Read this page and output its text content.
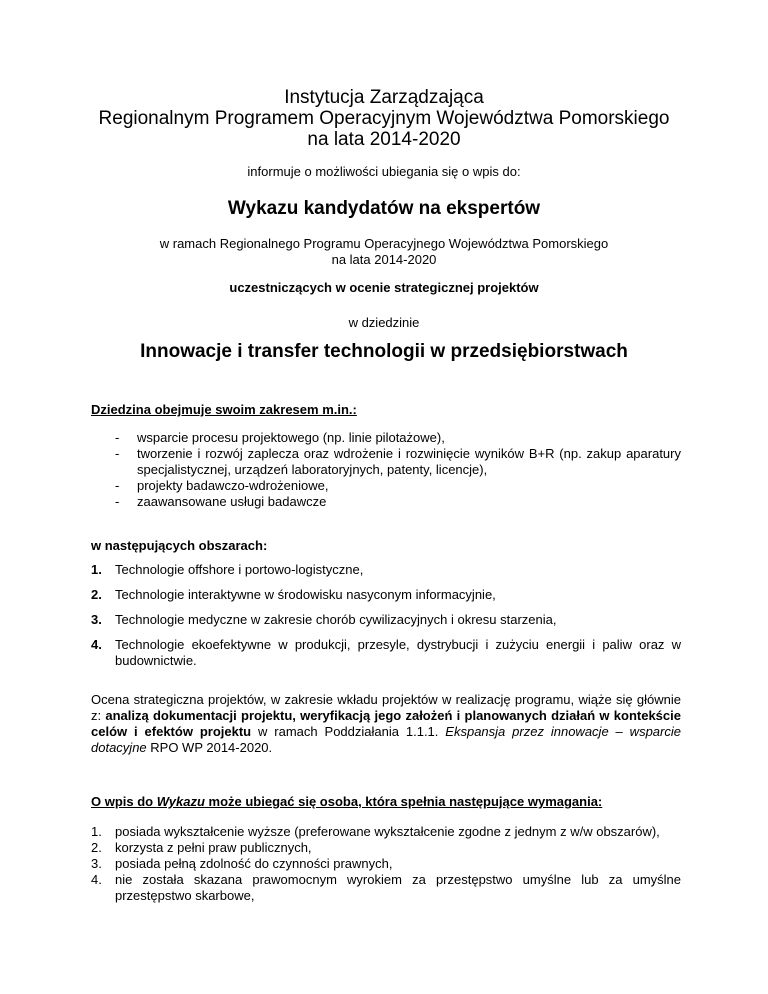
Instytucja Zarządzająca
Regionalnym Programem Operacyjnym Województwa Pomorskiego
na lata 2014-2020
informuje o możliwości ubiegania się o wpis do:
Wykazu kandydatów na ekspertów
w ramach Regionalnego Programu Operacyjnego Województwa Pomorskiego
na lata 2014-2020
uczestniczących w ocenie strategicznej projektów
w dziedzinie
Innowacje i transfer technologii w przedsiębiorstwach
Dziedzina obejmuje swoim zakresem m.in.:
- wsparcie procesu projektowego (np. linie pilotażowe),
- tworzenie i rozwój zaplecza oraz wdrożenie i rozwinięcie wyników B+R (np. zakup aparatury specjalistycznej, urządzeń laboratoryjnych, patenty, licencje),
- projekty badawczo-wdrożeniowe,
- zaawansowane usługi badawcze
w następujących obszarach:
1. Technologie offshore i portowo-logistyczne,
2. Technologie interaktywne w środowisku nasyconym informacyjnie,
3. Technologie medyczne w zakresie chorób cywilizacyjnych i okresu starzenia,
4. Technologie ekoefektywne w produkcji, przesyle, dystrybucji i zużyciu energii i paliw oraz w budownictwie.
Ocena strategiczna projektów, w zakresie wkładu projektów w realizację programu, wiąże się głównie z: analizą dokumentacji projektu, weryfikacją jego założeń i planowanych działań w kontekście celów i efektów projektu w ramach Poddziałania 1.1.1. Ekspansja przez innowacje – wsparcie dotacyjne RPO WP 2014-2020.
O wpis do Wykazu może ubiegać się osoba, która spełnia następujące wymagania:
1. posiada wykształcenie wyższe (preferowane wykształcenie zgodne z jednym z w/w obszarów),
2. korzysta z pełni praw publicznych,
3. posiada pełną zdolność do czynności prawnych,
4. nie została skazana prawomocnym wyrokiem za przestępstwo umyślne lub za umyślne przestępstwo skarbowe,
